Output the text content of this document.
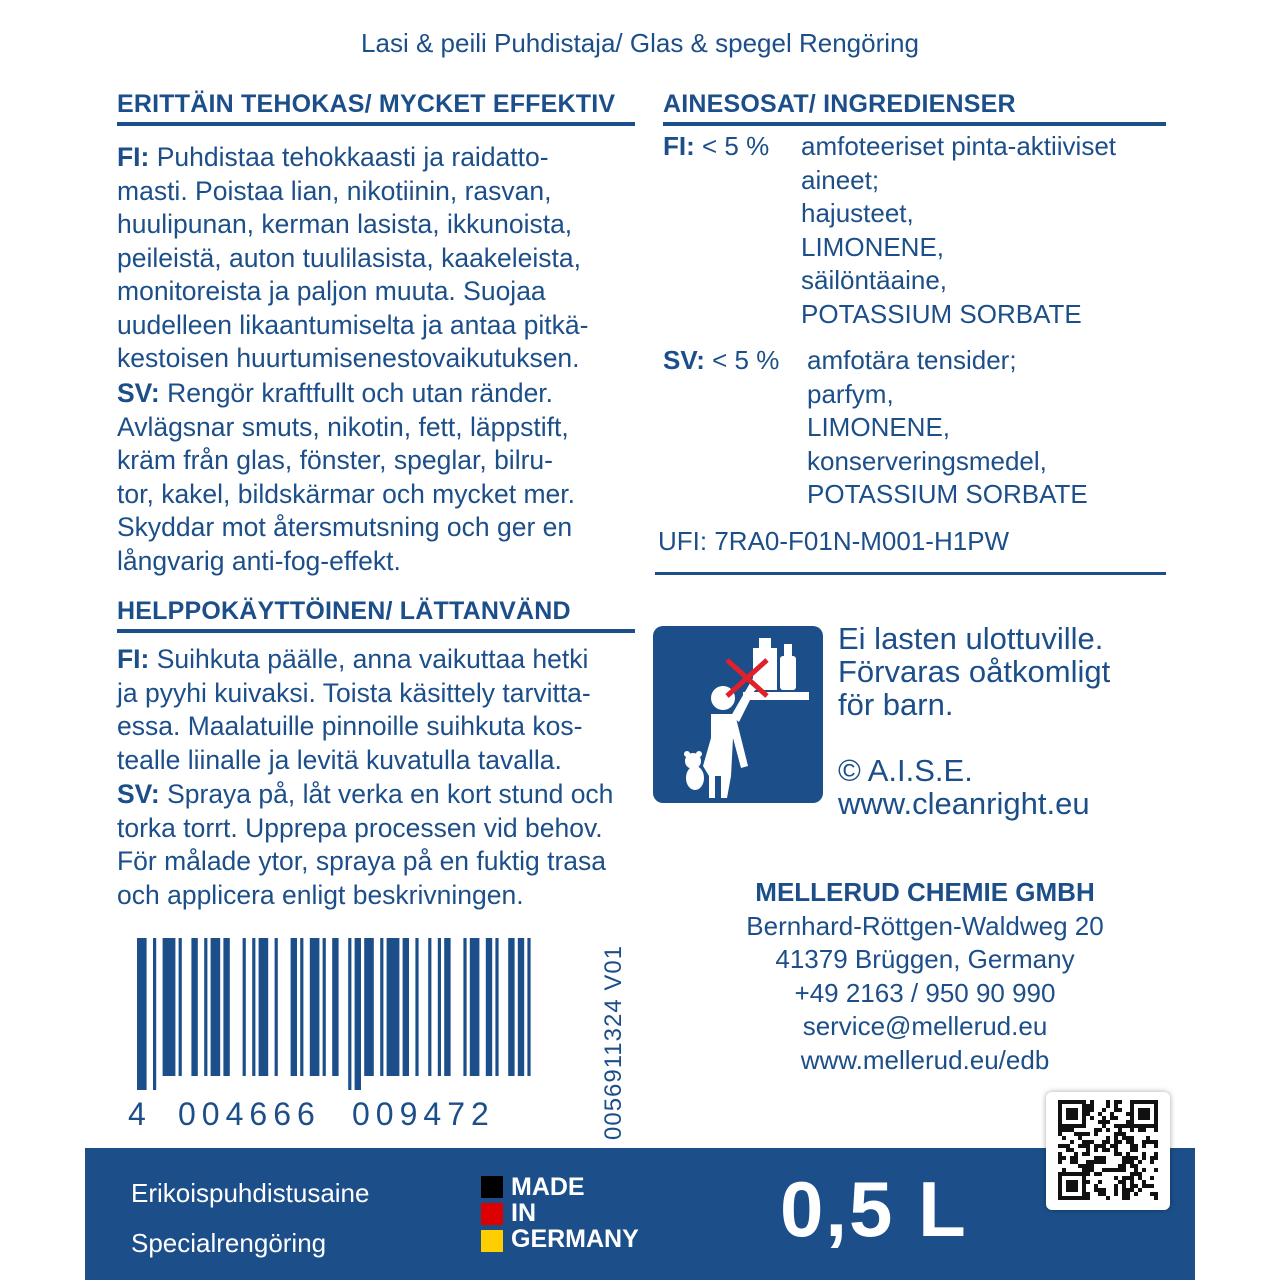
Lasi & peili Puhdistaja/ Glas & spegel Rengöring
ERITTÄIN TEHOKAS/ MYCKET EFFEKTIV
FI: Puhdistaa tehokkaasti ja raidatto-
masti. Poistaa lian, nikotiinin, rasvan,
huulipunan, kerman lasista, ikkunoista,
peileistä, auton tuulilasista, kaakeleista,
monitoreista ja paljon muuta. Suojaa
uudelleen likaantumiselta ja antaa pitkä-
kestoisen huurtumisenestovaikutuksen.
SV: Rengör kraftfullt och utan ränder.
Avlägsnar smuts, nikotin, fett, läppstift,
kräm från glas, fönster, speglar, bilru-
tor, kakel, bildskärmar och mycket mer.
Skyddar mot återsmutsning och ger en
långvarig anti-fog-effekt.
HELPPOKÄYTTÖINEN/ LÄTTANVÄND
FI: Suihkuta päälle, anna vaikuttaa hetki
ja pyyhi kuivaksi. Toista käsittely tarvitta-
essa. Maalatuille pinnoille suihkuta kos-
tealle liinalle ja levitä kuvatulla tavalla.
SV: Spraya på, låt verka en kort stund och
torka torrt. Upprepa processen vid behov.
För målade ytor, spraya på en fuktig trasa
och applicera enligt beskrivningen.
AINESOSAT/ INGREDIENSER
FI: < 5 % amfoteeriset pinta-aktiiviset
aineet;
hajusteet,
LIMONENE,
säilöntäaine,
POTASSIUM SORBATE
SV: < 5 % amfotära tensider;
parfym,
LIMONENE,
konserveringsmedel,
POTASSIUM SORBATE
UFI: 7RA0-F01N-M001-H1PW
Ei lasten ulottuville.
Förvaras oåtkomligt
för barn.
© A.I.S.E.
www.cleanright.eu
MELLERUD CHEMIE GMBH
Bernhard-Röttgen-Waldweg 20
41379 Brüggen, Germany
+49 2163 / 950 90 990
service@mellerud.eu
www.mellerud.eu/edb
4 004666 009472	0056911324 V01
Erikoispuhdistusaine
Specialrengöring
MADE
IN
GERMANY 0,5 L
